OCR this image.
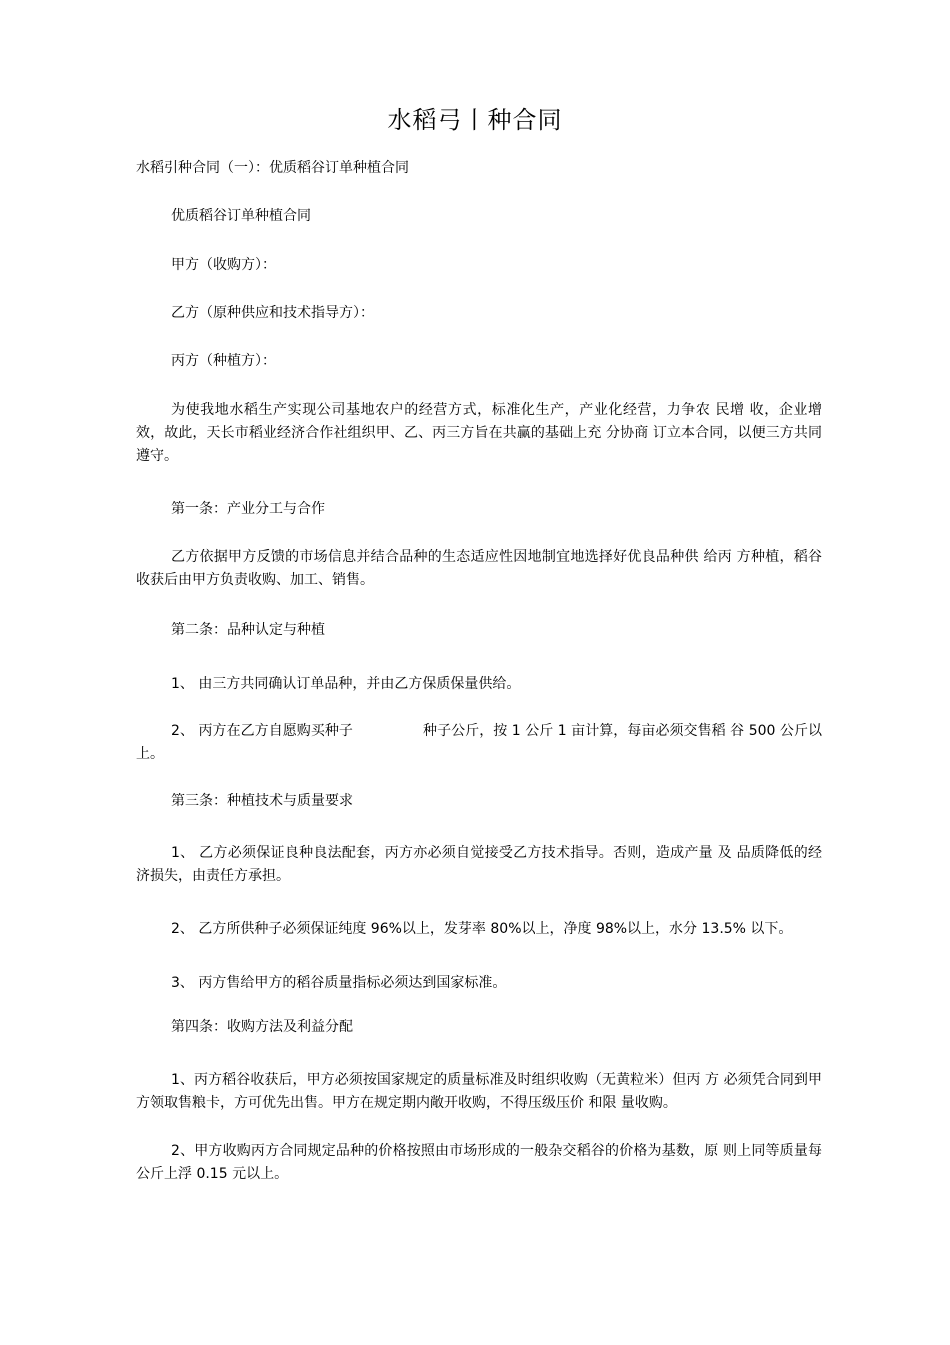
水稻弓丨种合同

水稻引种合同（一）：优质稻谷订单种植合同

优质稻谷订单种植合同

甲方（收购方）：

乙方（原种供应和技术指导方）：

丙方（种植方）：

为使我地水稻生产实现公司基地农户的经营方式，标准化生产，产业化经营，力争农 民增 收，企业增效，故此，天长市稻业经济合作社组织甲、乙、丙三方旨在共赢的基础上充 分协商 订立本合同，以便三方共同遵守。

第一条：产业分工与合作

乙方依据甲方反馈的市场信息并结合品种的生态适应性因地制宜地选择好优良品种供 给丙 方种植，稻谷收获后由甲方负责收购、加工、销售。

第二条：品种认定与种植

1、 由三方共同确认订单品种，并由乙方保质保量供给。

2、 丙方在乙方自愿购买种子	种子公斤，按 1 公斤 1 亩计算，每亩必须交售稻 谷 500 公斤以上。

第三条：种植技术与质量要求

1、 乙方必须保证良种良法配套，丙方亦必须自觉接受乙方技术指导。否则，造成产量 及 品质降低的经济损失，由责任方承担。

2、 乙方所供种子必须保证纯度 96%以上，发芽率 80%以上，净度 98%以上，水分 13.5% 以下。

3、 丙方售给甲方的稻谷质量指标必须达到国家标准。

第四条：收购方法及利益分配

1、丙方稻谷收获后，甲方必须按国家规定的质量标准及时组织收购（无黄粒米）但丙 方 必须凭合同到甲方领取售粮卡，方可优先出售。甲方在规定期内敞开收购，不得压级压价 和限 量收购。

2、甲方收购丙方合同规定品种的价格按照由市场形成的一般杂交稻谷的价格为基数，原 则上同等质量每公斤上浮 0.15 元以上。
